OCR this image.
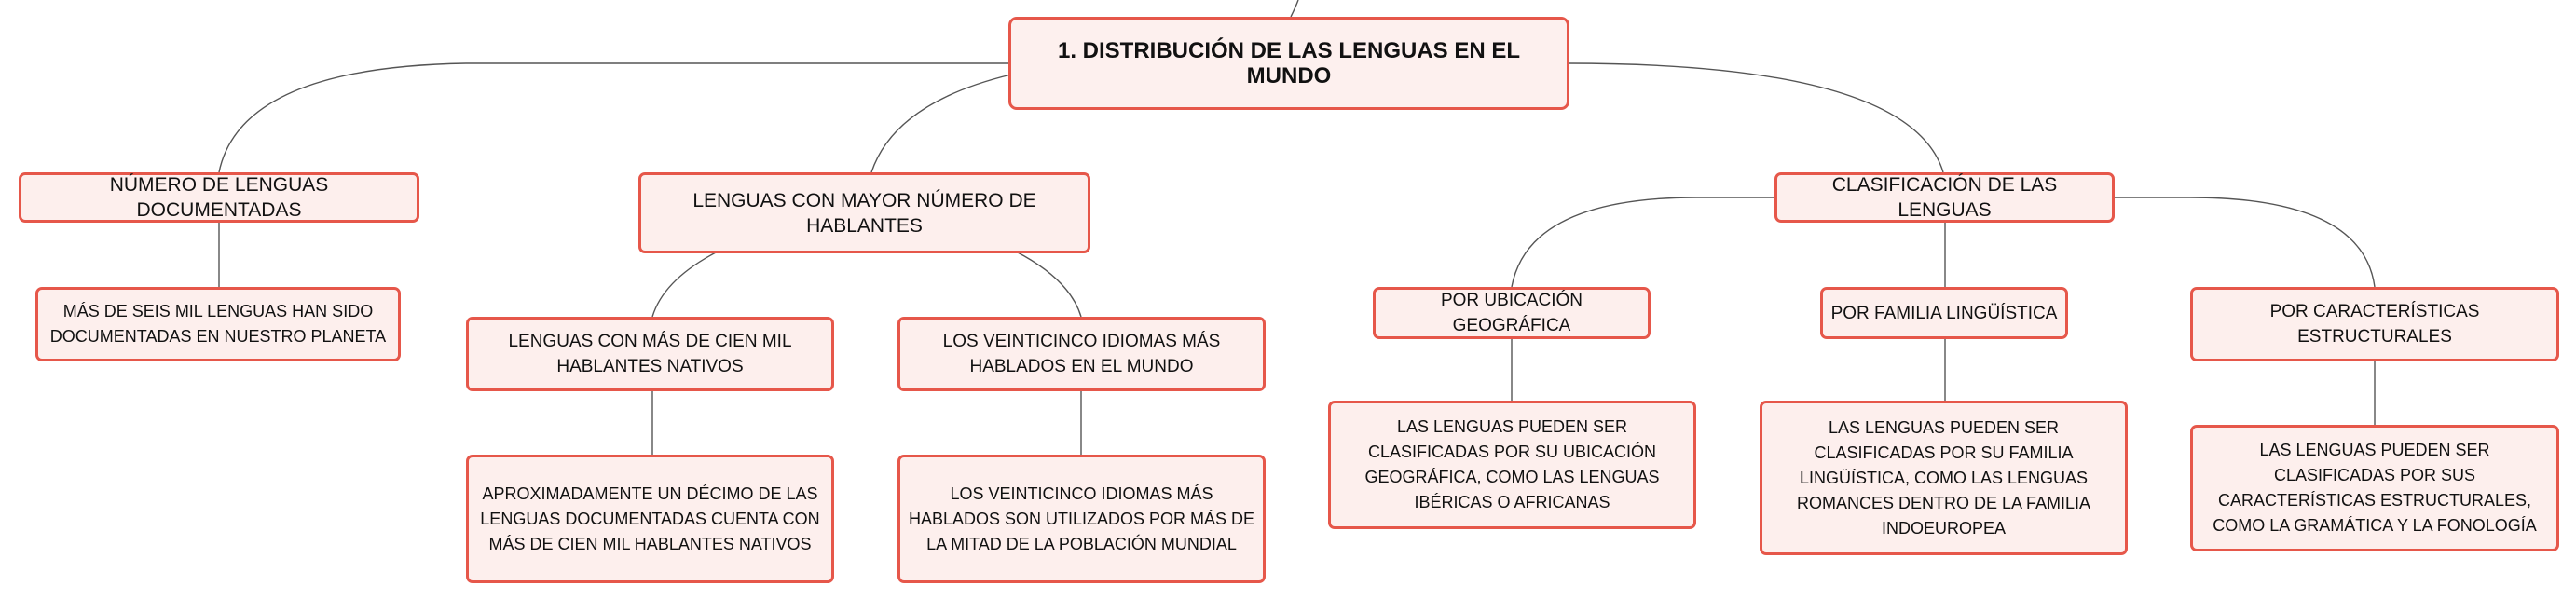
1. DISTRIBUCIÓN DE LAS LENGUAS EN EL MUNDO
NÚMERO DE LENGUAS DOCUMENTADAS
MÁS DE SEIS MIL LENGUAS HAN SIDO DOCUMENTADAS EN NUESTRO PLANETA
LENGUAS CON MAYOR NÚMERO DE HABLANTES
LENGUAS CON MÁS DE CIEN MIL HABLANTES NATIVOS
APROXIMADAMENTE UN DÉCIMO DE LAS LENGUAS DOCUMENTADAS CUENTA CON MÁS DE CIEN MIL HABLANTES NATIVOS
LOS VEINTICINCO IDIOMAS MÁS HABLADOS EN EL MUNDO
LOS VEINTICINCO IDIOMAS MÁS HABLADOS SON UTILIZADOS POR MÁS DE LA MITAD DE LA POBLACIÓN MUNDIAL
CLASIFICACIÓN DE LAS LENGUAS
POR UBICACIÓN GEOGRÁFICA
LAS LENGUAS PUEDEN SER CLASIFICADAS POR SU UBICACIÓN GEOGRÁFICA, COMO LAS LENGUAS IBÉRICAS O AFRICANAS
POR FAMILIA LINGÜÍSTICA
LAS LENGUAS PUEDEN SER CLASIFICADAS POR SU FAMILIA LINGÜÍSTICA, COMO LAS LENGUAS ROMANCES DENTRO DE LA FAMILIA INDOEUROPEA
POR CARACTERÍSTICAS ESTRUCTURALES
LAS LENGUAS PUEDEN SER CLASIFICADAS POR SUS CARACTERÍSTICAS ESTRUCTURALES, COMO LA GRAMÁTICA Y LA FONOLOGÍA
